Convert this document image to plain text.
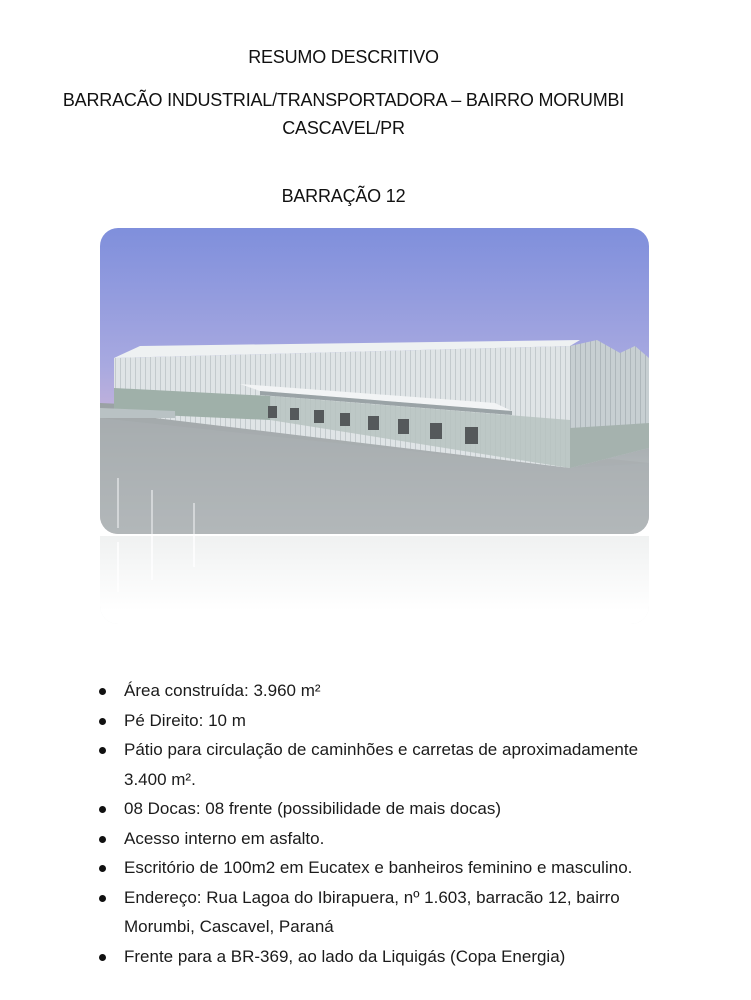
RESUMO DESCRITIVO
BARRACÃO INDUSTRIAL/TRANSPORTADORA – BAIRRO MORUMBI
CASCAVEL/PR
BARRAÇÃO 12
Área construída: 3.960 m²
Pé Direito: 10 m
Pátio para circulação de caminhões e carretas de aproximadamente 3.400 m².
08 Docas: 08 frente (possibilidade de mais docas)
Acesso interno em asfalto.
Escritório de 100m2 em Eucatex e banheiros feminino e masculino.
Endereço: Rua Lagoa do Ibirapuera, nº 1.603, barracão 12, bairro Morumbi, Cascavel, Paraná
Frente para a BR-369, ao lado da Liquigás (Copa Energia)
